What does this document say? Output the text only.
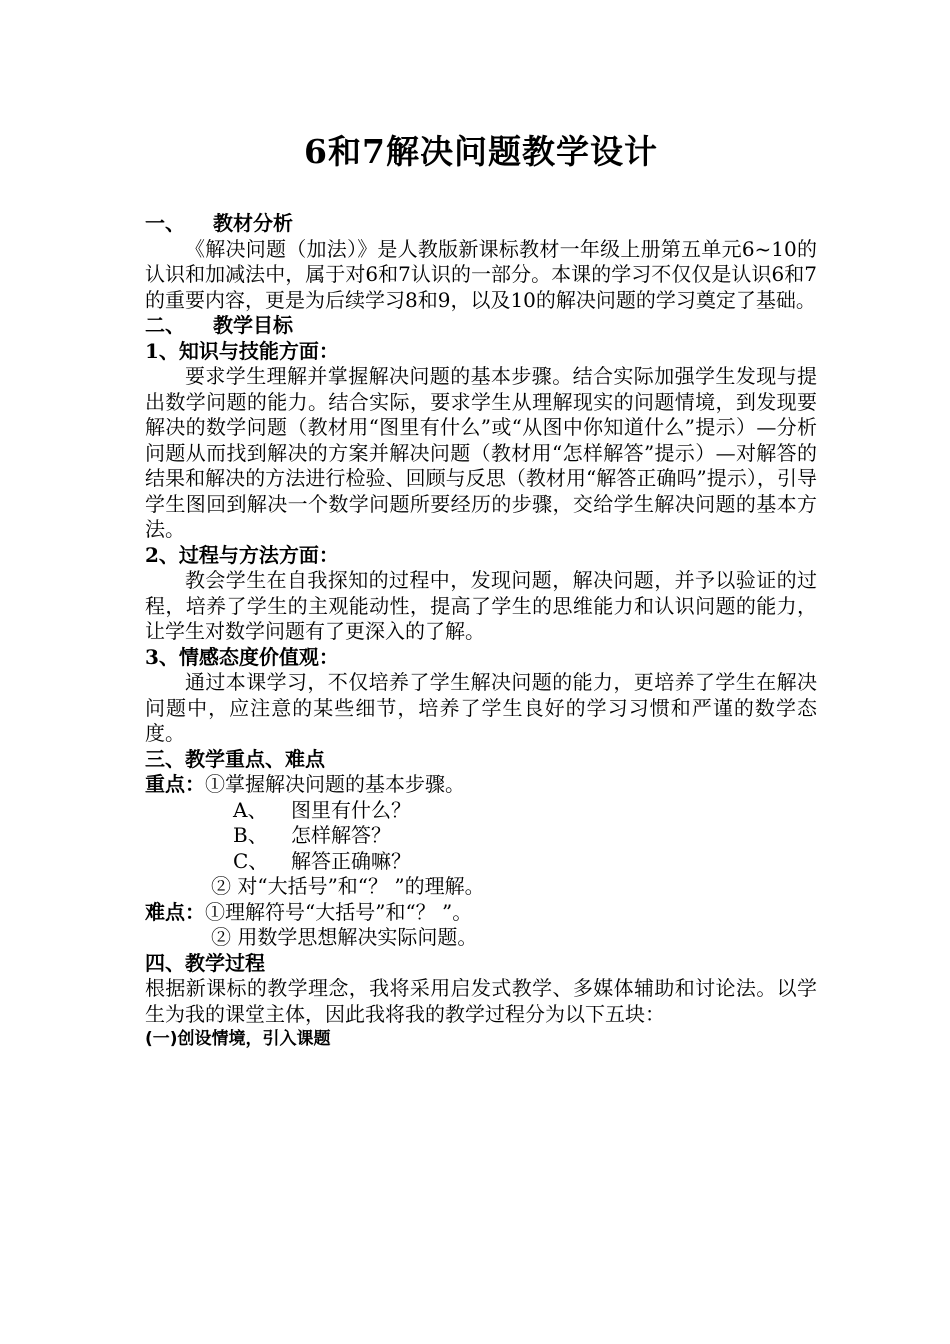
6和7解决问题教学设计
一、 教材分析
《解决问题（加法）》是人教版新课标教材一年级上册第五单元6~10的认识和加减法中，属于对6和7认识的一部分。本课的学习不仅仅是认识6和7的重要内容，更是为后续学习8和9，以及10的解决问题的学习奠定了基础。
二、 教学目标
1、知识与技能方面：
要求学生理解并掌握解决问题的基本步骤。结合实际加强学生发现与提出数学问题的能力。结合实际，要求学生从理解现实的问题情境，到发现要解决的数学问题（教材用“图里有什么”或“从图中你知道什么”提示）—分析问题从而找到解决的方案并解决问题（教材用“怎样解答”提示）—对解答的结果和解决的方法进行检验、回顾与反思（教材用“解答正确吗”提示），引导学生图回到解决一个数学问题所要经历的步骤，交给学生解决问题的基本方法。
2、过程与方法方面：
教会学生在自我探知的过程中，发现问题，解决问题，并予以验证的过程，培养了学生的主观能动性，提高了学生的思维能力和认识问题的能力，让学生对数学问题有了更深入的了解。
3、情感态度价值观：
通过本课学习，不仅培养了学生解决问题的能力，更培养了学生在解决问题中，应注意的某些细节，培养了学生良好的学习习惯和严谨的数学态度。
三、教学重点、难点
重点：①掌握解决问题的基本步骤。
A、 图里有什么？
B、 怎样解答？
C、 解答正确嘛？
② 对“大括号”和“？ ”的理解。
难点：①理解符号“大括号”和“？ ”。
② 用数学思想解决实际问题。
四、教学过程
根据新课标的教学理念，我将采用启发式教学、多媒体辅助和讨论法。以学生为我的课堂主体，因此我将我的教学过程分为以下五块：
(一)创设情境，引入课题
